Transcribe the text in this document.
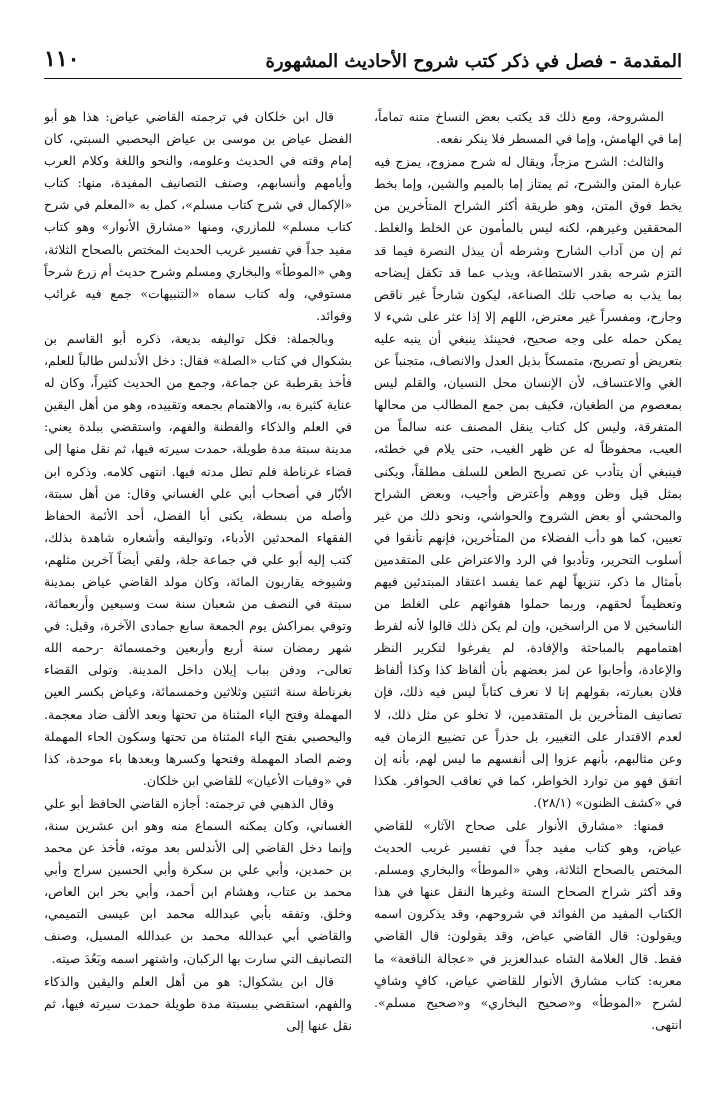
المقدمة - فصل في ذكر كتب شروح الأحاديث المشهورة
١١٠

المشروحة، ومع ذلك قد يكتب بعض النساخ متنه تماماً، إما في الهامش، وإما في المسطر فلا ينكر نفعه.

والثالث: الشرح مزجاً، ويقال له شرح ممزوج، يمزج فيه عبارة المتن والشرح، ثم يمتاز إما بالميم والشين، وإما بخط يخط فوق المتن، وهو طريقة أكثر الشراح المتأخرين من المحققين وغيرهم، لكنه ليس بالمأمون عن الخلط والغلط. ثم إن من آداب الشارح وشرطه أن يبذل النصرة فيما قد التزم شرحه بقدر الاستطاعة، ويذب عما قد تكفل إيضاحه بما يذب به صاحب تلك الصناعة، ليكون شارحاً غير ناقص وجارح، ومفسراً غير معترض، اللهم إلا إذا عثر على شيء لا يمكن حمله على وجه صحيح، فحينئذ ينبغي أن ينبه عليه بتعريض أو تصريح، متمسكاً بذيل العدل والانصاف، متجنباً عن الغي والاعتساف، لأن الإنسان محل النسيان، والقلم ليس بمعصوم من الطغيان، فكيف بمن جمع المطالب من محالها المتفرقة، وليس كل كتاب ينقل المصنف عنه سالماً من العيب، محفوظاً له عن ظهر الغيب، حتى يلام في خطئه، فينبغي أن يتأدب عن تصريح الطعن للسلف مطلقاً، ويكنى بمثل قيل وظن ووهم وأعترض وأجيب، وبعض الشراح والمحشي أو بعض الشروح والحواشي، ونحو ذلك من غير تعيين، كما هو دأب الفضلاء من المتأخرين، فإنهم تأنقوا في أسلوب التحرير، وتأدبوا في الرد والاعتراض على المتقدمين بأمثال ما ذكر، تنزيهاً لهم عما يفسد اعتقاد المبتدئين فيهم وتعظيماً لحقهم، وربما حملوا هفواتهم على الغلط من الناسخين لا من الراسخين، وإن لم يكن ذلك قالوا لأنه لفرط اهتمامهم بالمباحثة والإفادة، لم يفرغوا لتكرير النظر والإعادة، وأجابوا عن لمز بعضهم بأن ألفاظ كذا وكذا ألفاظ فلان بعبارته، بقولهم إنا لا نعرف كتاباً ليس فيه ذلك، فإن تصانيف المتأخرين بل المتقدمين، لا تخلو عن مثل ذلك، لا لعدم الاقتدار على التغيير، بل حذراً عن تضييع الزمان فيه وعن مثالبهم، بأنهم عزوا إلى أنفسهم ما ليس لهم، بأنه إن اتفق فهو من توارد الخواطر، كما في تعاقب الحوافر. هكذا في «كشف الظنون» (٢٨/١).

فمنها: «مشارق الأنوار على صحاح الآثار» للقاضي عياض، وهو كتاب مفيد جداً في تفسير غريب الحديث المختص بالصحاح الثلاثة، وهي «الموطأ» والبخاري ومسلم. وقد أكثر شراح الصحاح الستة وغيرها النقل عنها في هذا الكتاب المفيد من الفوائد في شروحهم، وقد يذكرون اسمه ويقولون: قال القاضي عياض، وقد يقولون: قال القاضي فقط. قال العلامة الشاه عبدالعزيز في «عجالة النافعة» ما معربه: كتاب مشارق الأنوار للقاضي عياض، كافٍ وشافٍ لشرح «الموطأ» و«صحيح البخاري» و«صحيح مسلم». انتهى.

قال ابن خلكان في ترجمته القاضي عياض: هذا هو أبو الفضل عياض بن موسى بن عياض اليحصبي السبتي، كان إمام وقته في الحديث وعلومه، والنحو واللغة وكلام العرب وأيامهم وأنسابهم، وصنف التصانيف المفيدة، منها: كتاب «الإكمال في شرح كتاب مسلم»، كمل به «المعلم في شرح كتاب مسلم» للمازري، ومنها «مشارق الأنوار» وهو كتاب مفيد جداً في تفسير غريب الحديث المختص بالصحاح الثلاثة، وهي «الموطأ» والبخاري ومسلم وشرح حديث أم زرع شرحاً مستوفي، وله كتاب سماه «التنبيهات» جمع فيه غرائب وفوائد.

وبالجملة: فكل تواليفه بديعة، ذكره أبو القاسم بن بشكوال في كتاب «الصلة» فقال: دخل الأندلس طالباً للعلم، فأخذ بقرطبة عن جماعة، وجمع من الحديث كثيراً، وكان له عناية كثيرة به، والاهتمام بجمعه وتقييده، وهو من أهل اليقين في العلم والذكاء والفطنة والفهم، واستقضي ببلدة يعني: مدينة سبتة مدة طويلة، حمدت سيرته فيها، ثم نقل منها إلى قضاء غرناطة فلم تطل مدته فيها. انتهى كلامه. وذكره ابن الأبّار في أصحاب أبي علي الغساني وقال: من أهل سبتة، وأصله من بسطة، يكنى أبا الفضل، أحد الأئمة الحفاظ الفقهاء المحدثين الأدباء، وتواليفه وأشعاره شاهدة بذلك، كتب إليه أبو علي في جماعة جلة، ولقي أيضاً آخرين مثلهم، وشيوخه يقاربون المائة، وكان مولد القاضي عياض بمدينة سبتة في النصف من شعبان سنة ست وسبعين وأربعمائة، وتوفي بمراكش يوم الجمعة سابع جمادى الآخرة، وقيل: في شهر رمضان سنة أربع وأربعين وخمسمائة -رحمه الله تعالى-، ودفن بباب إيلان داخل المدينة. وتولى القضاء بغرناطة سنة اثنتين وثلاثين وخمسمائة، وعياض بكسر العين المهملة وفتح الياء المثناة من تحتها وبعد الألف ضاد معجمة. واليحصبي بفتح الياء المثناة من تحتها وسكون الحاء المهملة وضم الصاد المهملة وفتحها وكسرها وبعدها باء موحدة، كذا في «وفيات الأعيان» للقاضي ابن خلكان.

وقال الذهبي في ترجمته: أجازه القاضي الحافظ أبو علي الغساني، وكان يمكنه السماع منه وهو ابن عشرين سنة، وإنما دخل القاضي إلى الأندلس بعد موته، فأخذ عن محمد بن حمدين، وأبي علي بن سكرة وأبي الحسين سراج وأبي محمد بن عتاب، وهشام ابن أحمد، وأبي بحر ابن العاص، وخلق. وتفقه بأبي عبدالله محمد ابن عيسى التميمي، والقاضي أبي عبدالله محمد بن عبدالله المسيل، وصنف التصانيف التي سارت بها الركبان، واشتهر اسمه وبَعُدَ صيته.

قال ابن بشكوال: هو من أهل العلم واليقين والذكاء والفهم، استقضي ببسبتة مدة طويلة حمدت سيرته فيها، ثم نقل عنها إلى
